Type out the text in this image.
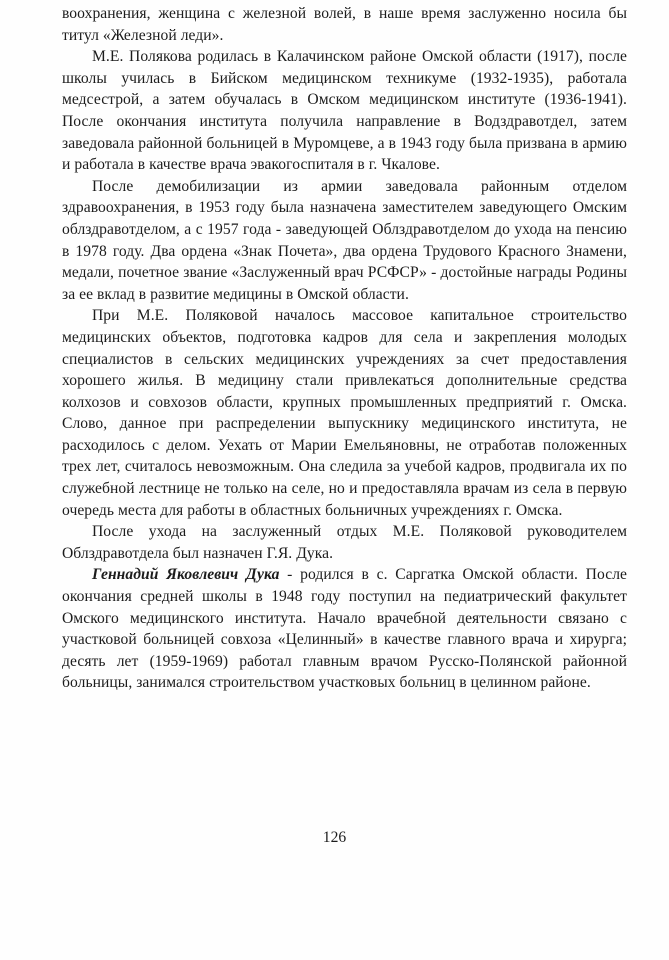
воохранения, женщина с железной волей, в наше время заслуженно носила бы титул «Железной леди».

М.Е. Полякова родилась в Калачинском районе Омской области (1917), после школы училась в Бийском медицинском техникуме (1932-1935), работала медсестрой, а затем обучалась в Омском медицинском институте (1936-1941). После окончания института получила направление в Водздравотдел, затем заведовала районной больницей в Муромцеве, а в 1943 году была призвана в армию и работала в качестве врача эвакогоспиталя в г. Чкалове.

После демобилизации из армии заведовала районным отделом здравоохранения, в 1953 году была назначена заместителем заведующего Омским облздравотделом, а с 1957 года - заведующей Облздравотделом до ухода на пенсию в 1978 году. Два ордена «Знак Почета», два ордена Трудового Красного Знамени, медали, почетное звание «Заслуженный врач РСФСР» - достойные награды Родины за ее вклад в развитие медицины в Омской области.

При М.Е. Поляковой началось массовое капитальное строительство медицинских объектов, подготовка кадров для села и закрепления молодых специалистов в сельских медицинских учреждениях за счет предоставления хорошего жилья. В медицину стали привлекаться дополнительные средства колхозов и совхозов области, крупных промышленных предприятий г. Омска. Слово, данное при распределении выпускнику медицинского института, не расходилось с делом. Уехать от Марии Емельяновны, не отработав положенных трех лет, считалось невозможным. Она следила за учебой кадров, продвигала их по служебной лестнице не только на селе, но и предоставляла врачам из села в первую очередь места для работы в областных больничных учреждениях г. Омска.

После ухода на заслуженный отдых М.Е. Поляковой руководителем Облздравотдела был назначен Г.Я. Дука.

Геннадий Яковлевич Дука - родился в с. Саргатка Омской области. После окончания средней школы в 1948 году поступил на педиатрический факультет Омского медицинского института. Начало врачебной деятельности связано с участковой больницей совхоза «Целинный» в качестве главного врача и хирурга; десять лет (1959-1969) работал главным врачом Русско-Полянской районной больницы, занимался строительством участковых больниц в целинном районе.

126
